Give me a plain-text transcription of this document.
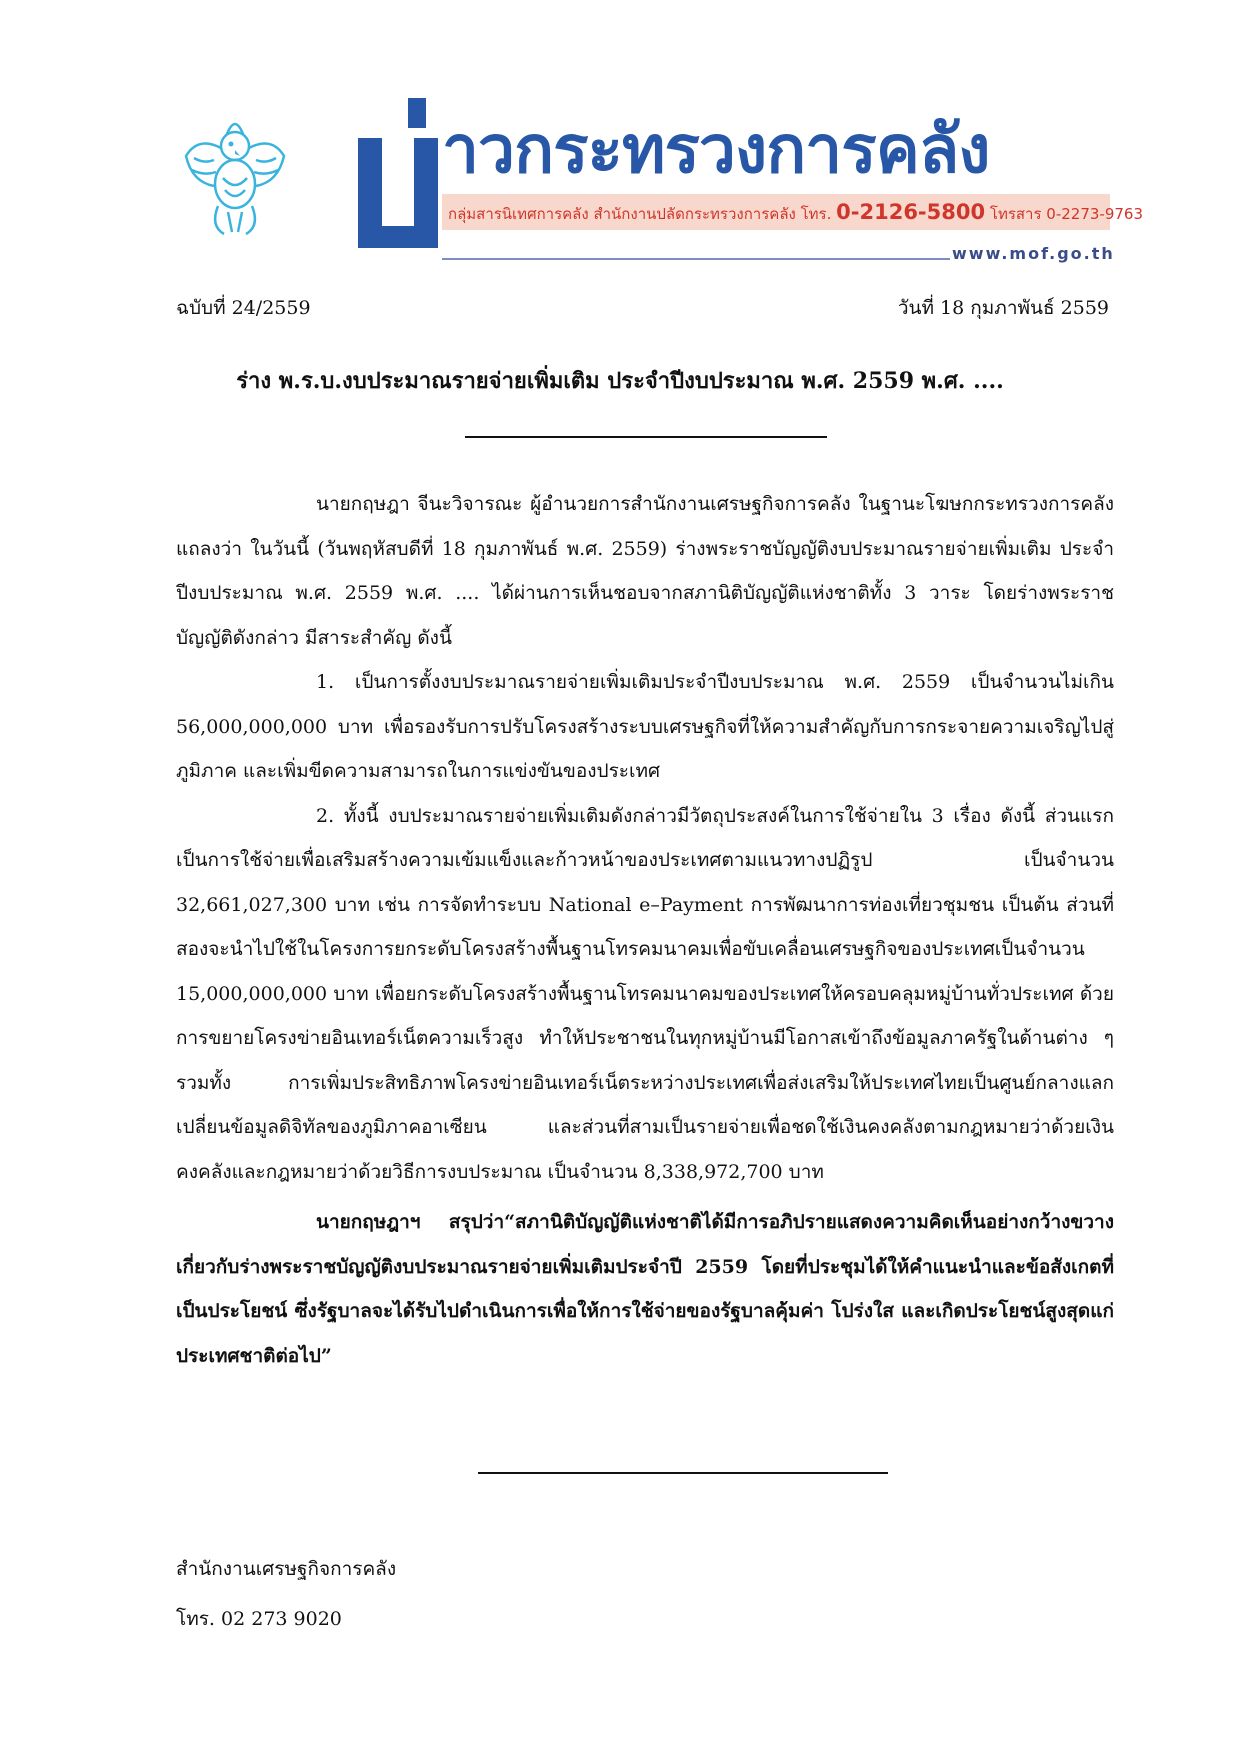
าวกระทรวงการคลัง
กลุ่มสารนิเทศการคลัง สำนักงานปลัดกระทรวงการคลัง โทร. 0-2126-5800 โทรสาร 0-2273-9763
www.mof.go.th
ฉบับที่ 24/2559	วันที่ 18 กุมภาพันธ์ 2559
ร่าง พ.ร.บ.งบประมาณรายจ่ายเพิ่มเติม ประจำปีงบประมาณ พ.ศ. 2559 พ.ศ. ....

นายกฤษฎา จีนะวิจารณะ ผู้อำนวยการสำนักงานเศรษฐกิจการคลัง ในฐานะโฆษกกระทรวงการคลัง แถลงว่า ในวันนี้ (วันพฤหัสบดีที่ 18 กุมภาพันธ์ พ.ศ. 2559) ร่างพระราชบัญญัติงบประมาณรายจ่ายเพิ่มเติม ประจำปีงบประมาณ พ.ศ. 2559 พ.ศ. .... ได้ผ่านการเห็นชอบจากสภานิติบัญญัติแห่งชาติทั้ง 3 วาระ โดยร่างพระราชบัญญัติดังกล่าว มีสาระสำคัญ ดังนี้

1. เป็นการตั้งงบประมาณรายจ่ายเพิ่มเติมประจำปีงบประมาณ พ.ศ. 2559 เป็นจำนวนไม่เกิน 56,000,000,000 บาท เพื่อรองรับการปรับโครงสร้างระบบเศรษฐกิจที่ให้ความสำคัญกับการกระจายความเจริญไปสู่ภูมิภาค และเพิ่มขีดความสามารถในการแข่งขันของประเทศ

2. ทั้งนี้ งบประมาณรายจ่ายเพิ่มเติมดังกล่าวมีวัตถุประสงค์ในการใช้จ่ายใน 3 เรื่อง ดังนี้ ส่วนแรกเป็นการใช้จ่ายเพื่อเสริมสร้างความเข้มแข็งและก้าวหน้าของประเทศตามแนวทางปฏิรูป เป็นจำนวน 32,661,027,300 บาท เช่น การจัดทำระบบ National e–Payment การพัฒนาการท่องเที่ยวชุมชน เป็นต้น ส่วนที่สองจะนำไปใช้ในโครงการยกระดับโครงสร้างพื้นฐานโทรคมนาคมเพื่อขับเคลื่อนเศรษฐกิจของประเทศเป็นจำนวน 15,000,000,000 บาท เพื่อยกระดับโครงสร้างพื้นฐานโทรคมนาคมของประเทศให้ครอบคลุมหมู่บ้านทั่วประเทศ ด้วยการขยายโครงข่ายอินเทอร์เน็ตความเร็วสูง ทำให้ประชาชนในทุกหมู่บ้านมีโอกาสเข้าถึงข้อมูลภาครัฐในด้านต่าง ๆ รวมทั้ง การเพิ่มประสิทธิภาพโครงข่ายอินเทอร์เน็ตระหว่างประเทศเพื่อส่งเสริมให้ประเทศไทยเป็นศูนย์กลางแลกเปลี่ยนข้อมูลดิจิทัลของภูมิภาคอาเซียน และส่วนที่สามเป็นรายจ่ายเพื่อชดใช้เงินคงคลังตามกฎหมายว่าด้วยเงินคงคลังและกฎหมายว่าด้วยวิธีการงบประมาณ เป็นจำนวน 8,338,972,700 บาท

นายกฤษฎาฯ สรุปว่า“สภานิติบัญญัติแห่งชาติได้มีการอภิปรายแสดงความคิดเห็นอย่างกว้างขวางเกี่ยวกับร่างพระราชบัญญัติงบประมาณรายจ่ายเพิ่มเติมประจำปี 2559 โดยที่ประชุมได้ให้คำแนะนำและข้อสังเกตที่เป็นประโยชน์ ซึ่งรัฐบาลจะได้รับไปดำเนินการเพื่อให้การใช้จ่ายของรัฐบาลคุ้มค่า โปร่งใส และเกิดประโยชน์สูงสุดแก่ประเทศชาติต่อไป”

สำนักงานเศรษฐกิจการคลัง
โทร. 02 273 9020
